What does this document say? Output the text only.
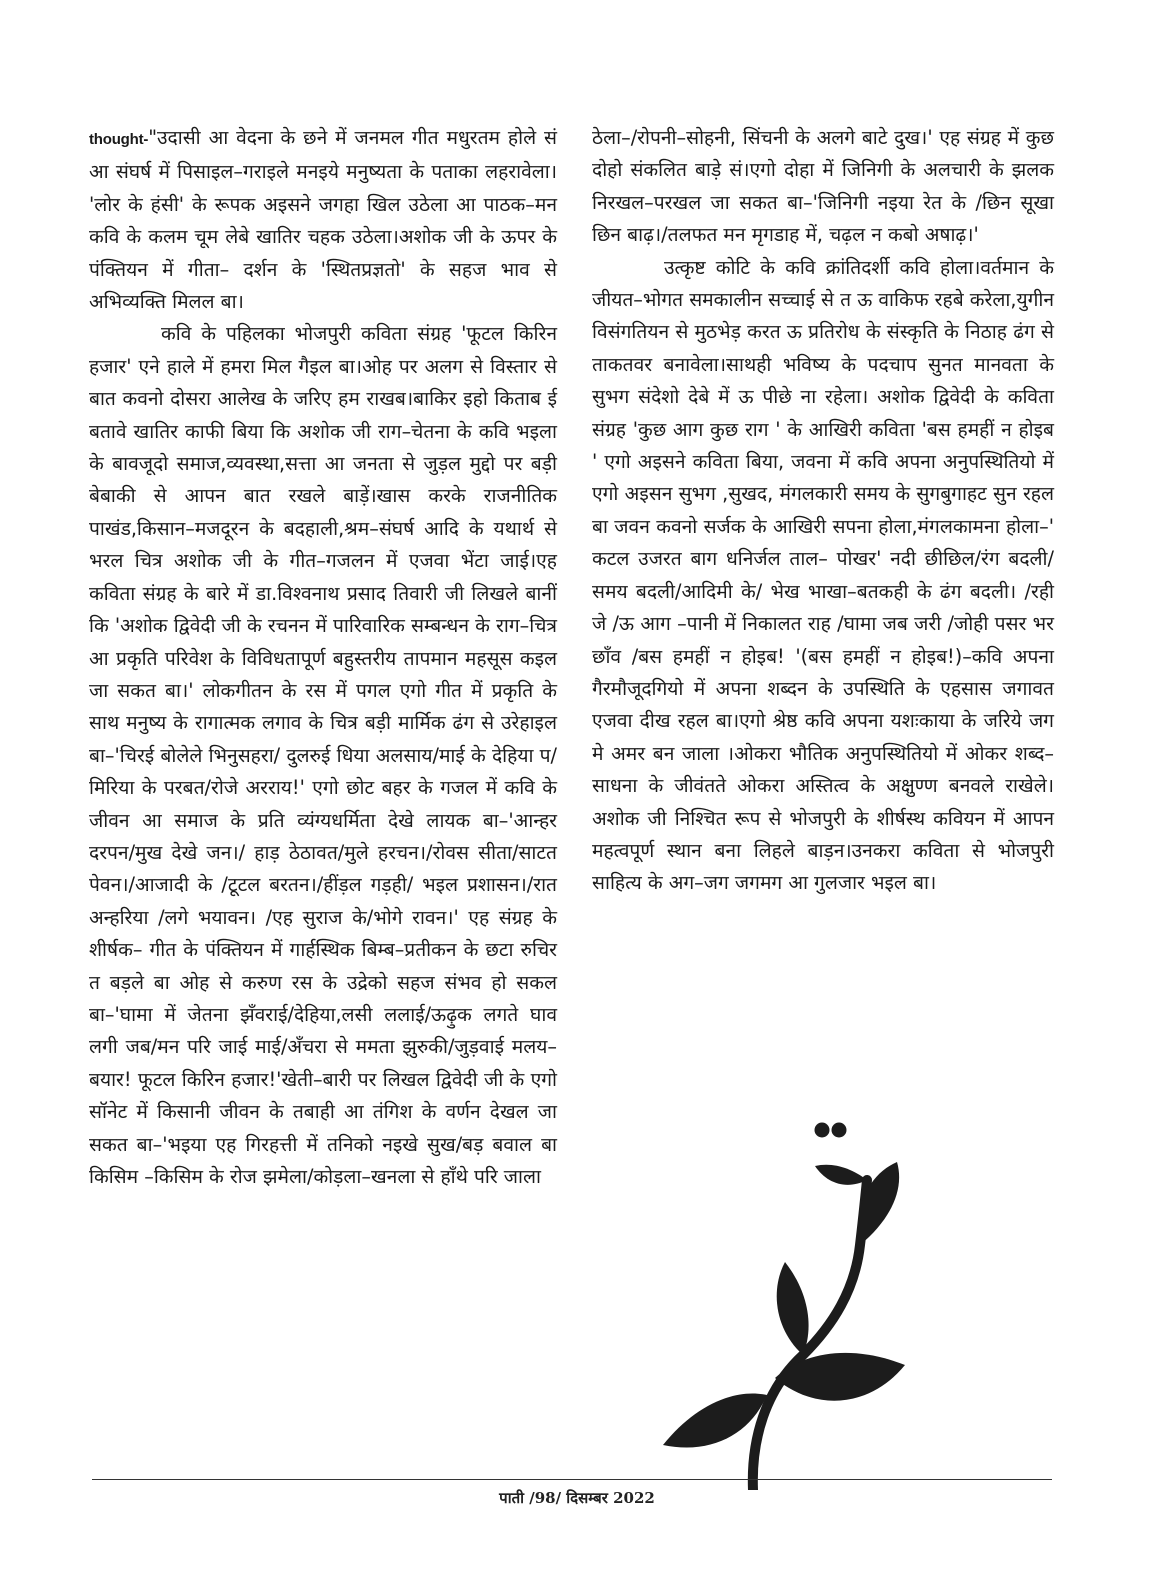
thought-"उदासी आ वेदना के छने में जनमल गीत मधुरतम होले सं आ संघर्ष में पिसाइल–गराइले मनइये मनुष्यता के पताका लहरावेला। 'लोर के हंसी' के रूपक अइसने जगहा खिल उठेला आ पाठक–मन कवि के कलम चूम लेबे खातिर चहक उठेला।अशोक जी के ऊपर के पंक्तियन में गीता– दर्शन के 'स्थितप्रज्ञतो' के सहज भाव से अभिव्यक्ति मिलल बा।

कवि के पहिलका भोजपुरी कविता संग्रह 'फूटल किरिन हजार' एने हाले में हमरा मिल गैइल बा।ओह पर अलग से विस्तार से बात कवनो दोसरा आलेख के जरिए हम राखब।बाकिर इहो किताब ई बतावे खातिर काफी बिया कि अशोक जी राग–चेतना के कवि भइला के बावजूदो समाज,व्यवस्था,सत्ता आ जनता से जुड़ल मुद्दो पर बड़ी बेबाकी से आपन बात रखले बाड़ें।खास करके राजनीतिक पाखंड,किसान–मजदूरन के बदहाली,श्रम–संघर्ष आदि के यथार्थ से भरल चित्र अशोक जी के गीत–गजलन में एजवा भेंटा जाई।एह कविता संग्रह के बारे में डा.विश्वनाथ प्रसाद तिवारी जी लिखले बानीं कि 'अशोक द्विवेदी जी के रचनन में पारिवारिक सम्बन्धन के राग–चित्र आ प्रकृति परिवेश के विविधतापूर्ण बहुस्तरीय तापमान महसूस कइल जा सकत बा।' लोकगीतन के रस में पगल एगो गीत में प्रकृति के साथ मनुष्य के रागात्मक लगाव के चित्र बड़ी मार्मिक ढंग से उरेहाइल बा–'चिरई बोलेले भिनुसहरा/ दुलरुई धिया अलसाय/माई के देहिया प/मिरिया के परबत/रोजे अरराय!' एगो छोट बहर के गजल में कवि के जीवन आ समाज के प्रति व्यंग्यधर्मिता देखे लायक बा–'आन्हर दरपन/मुख देखे जन।/ हाड़ ठेठावत/मुले हरचन।/रोवस सीता/साटत पेवन।/आजादी के /टूटल बरतन।/हींड़ल गड़ही/ भइल प्रशासन।/रात अन्हरिया /लगे भयावन। /एह सुराज के/भोगे रावन।' एह संग्रह के शीर्षक– गीत के पंक्तियन में गार्हस्थिक बिम्ब–प्रतीकन के छटा रुचिर त बड़ले बा ओह से करुण रस के उद्रेको सहज संभव हो सकल बा–'घामा में जेतना झँवराई/देहिया,लसी ललाई/ऊढ़ुक लगते घाव लगी जब/मन परि जाई माई/अँचरा से ममता झुरुकी/जुड़वाई मलय–बयार! फूटल किरिन हजार!'खेती–बारी पर लिखल द्विवेदी जी के एगो सॉनेट में किसानी जीवन के तबाही आ तंगिश के वर्णन देखल जा सकत बा–'भइया एह गिरहत्ती में तनिको नइखे सुख/बड़ बवाल बा किसिम –किसिम के रोज झमेला/कोड़ला–खनला से हाँथे परि जाला

ठेला–/रोपनी–सोहनी, सिंचनी के अलगे बाटे दुख।' एह संग्रह में कुछ दोहो संकलित बाड़े सं।एगो दोहा में जिनिगी के अलचारी के झलक निरखल–परखल जा सकत बा–'जिनिगी नइया रेत के /छिन सूखा छिन बाढ़।/तलफत मन मृगडाह में, चढ़ल न कबो अषाढ़।'

उत्कृष्ट कोटि के कवि क्रांतिदर्शी कवि होला।वर्तमान के जीयत–भोगत समकालीन सच्चाई से त ऊ वाकिफ रहबे करेला,युगीन विसंगतियन से मुठभेड़ करत ऊ प्रतिरोध के संस्कृति के निठाह ढंग से ताकतवर बनावेला।साथही भविष्य के पदचाप सुनत मानवता के सुभग संदेशो देबे में ऊ पीछे ना रहेला। अशोक द्विवेदी के कविता संग्रह 'कुछ आग कुछ राग ' के आखिरी कविता 'बस हमहीं न होइब ' एगो अइसने कविता बिया, जवना में कवि अपना अनुपस्थितियो में एगो अइसन सुभग ,सुखद, मंगलकारी समय के सुगबुगाहट सुन रहल बा जवन कवनो सर्जक के आखिरी सपना होला,मंगलकामना होला–' कटल उजरत बाग धनिर्जल ताल– पोखर' नदी छीछिल/रंग बदली/समय बदली/आदिमी के/ भेख भाखा–बतकही के ढंग बदली। /रही जे /ऊ आग –पानी में निकालत राह /घामा जब जरी /जोही पसर भर छाँव /बस हमहीं न होइब! '(बस हमहीं न होइब!)–कवि अपना गैरमौजूदगियो में अपना शब्दन के उपस्थिति के एहसास जगावत एजवा दीख रहल बा।एगो श्रेष्ठ कवि अपना यशःकाया के जरिये जग मे अमर बन जाला ।ओकरा भौतिक अनुपस्थितियो में ओकर शब्द–साधना के जीवंतते ओकरा अस्तित्व के अक्षुण्ण बनवले राखेले।अशोक जी निश्चित रूप से भोजपुरी के शीर्षस्थ कवियन में आपन महत्वपूर्ण स्थान बना लिहले बाड़न।उनकरा कविता से भोजपुरी साहित्य के अग–जग जगमग आ गुलजार भइल बा।

पाती /98/ दिसम्बर 2022
